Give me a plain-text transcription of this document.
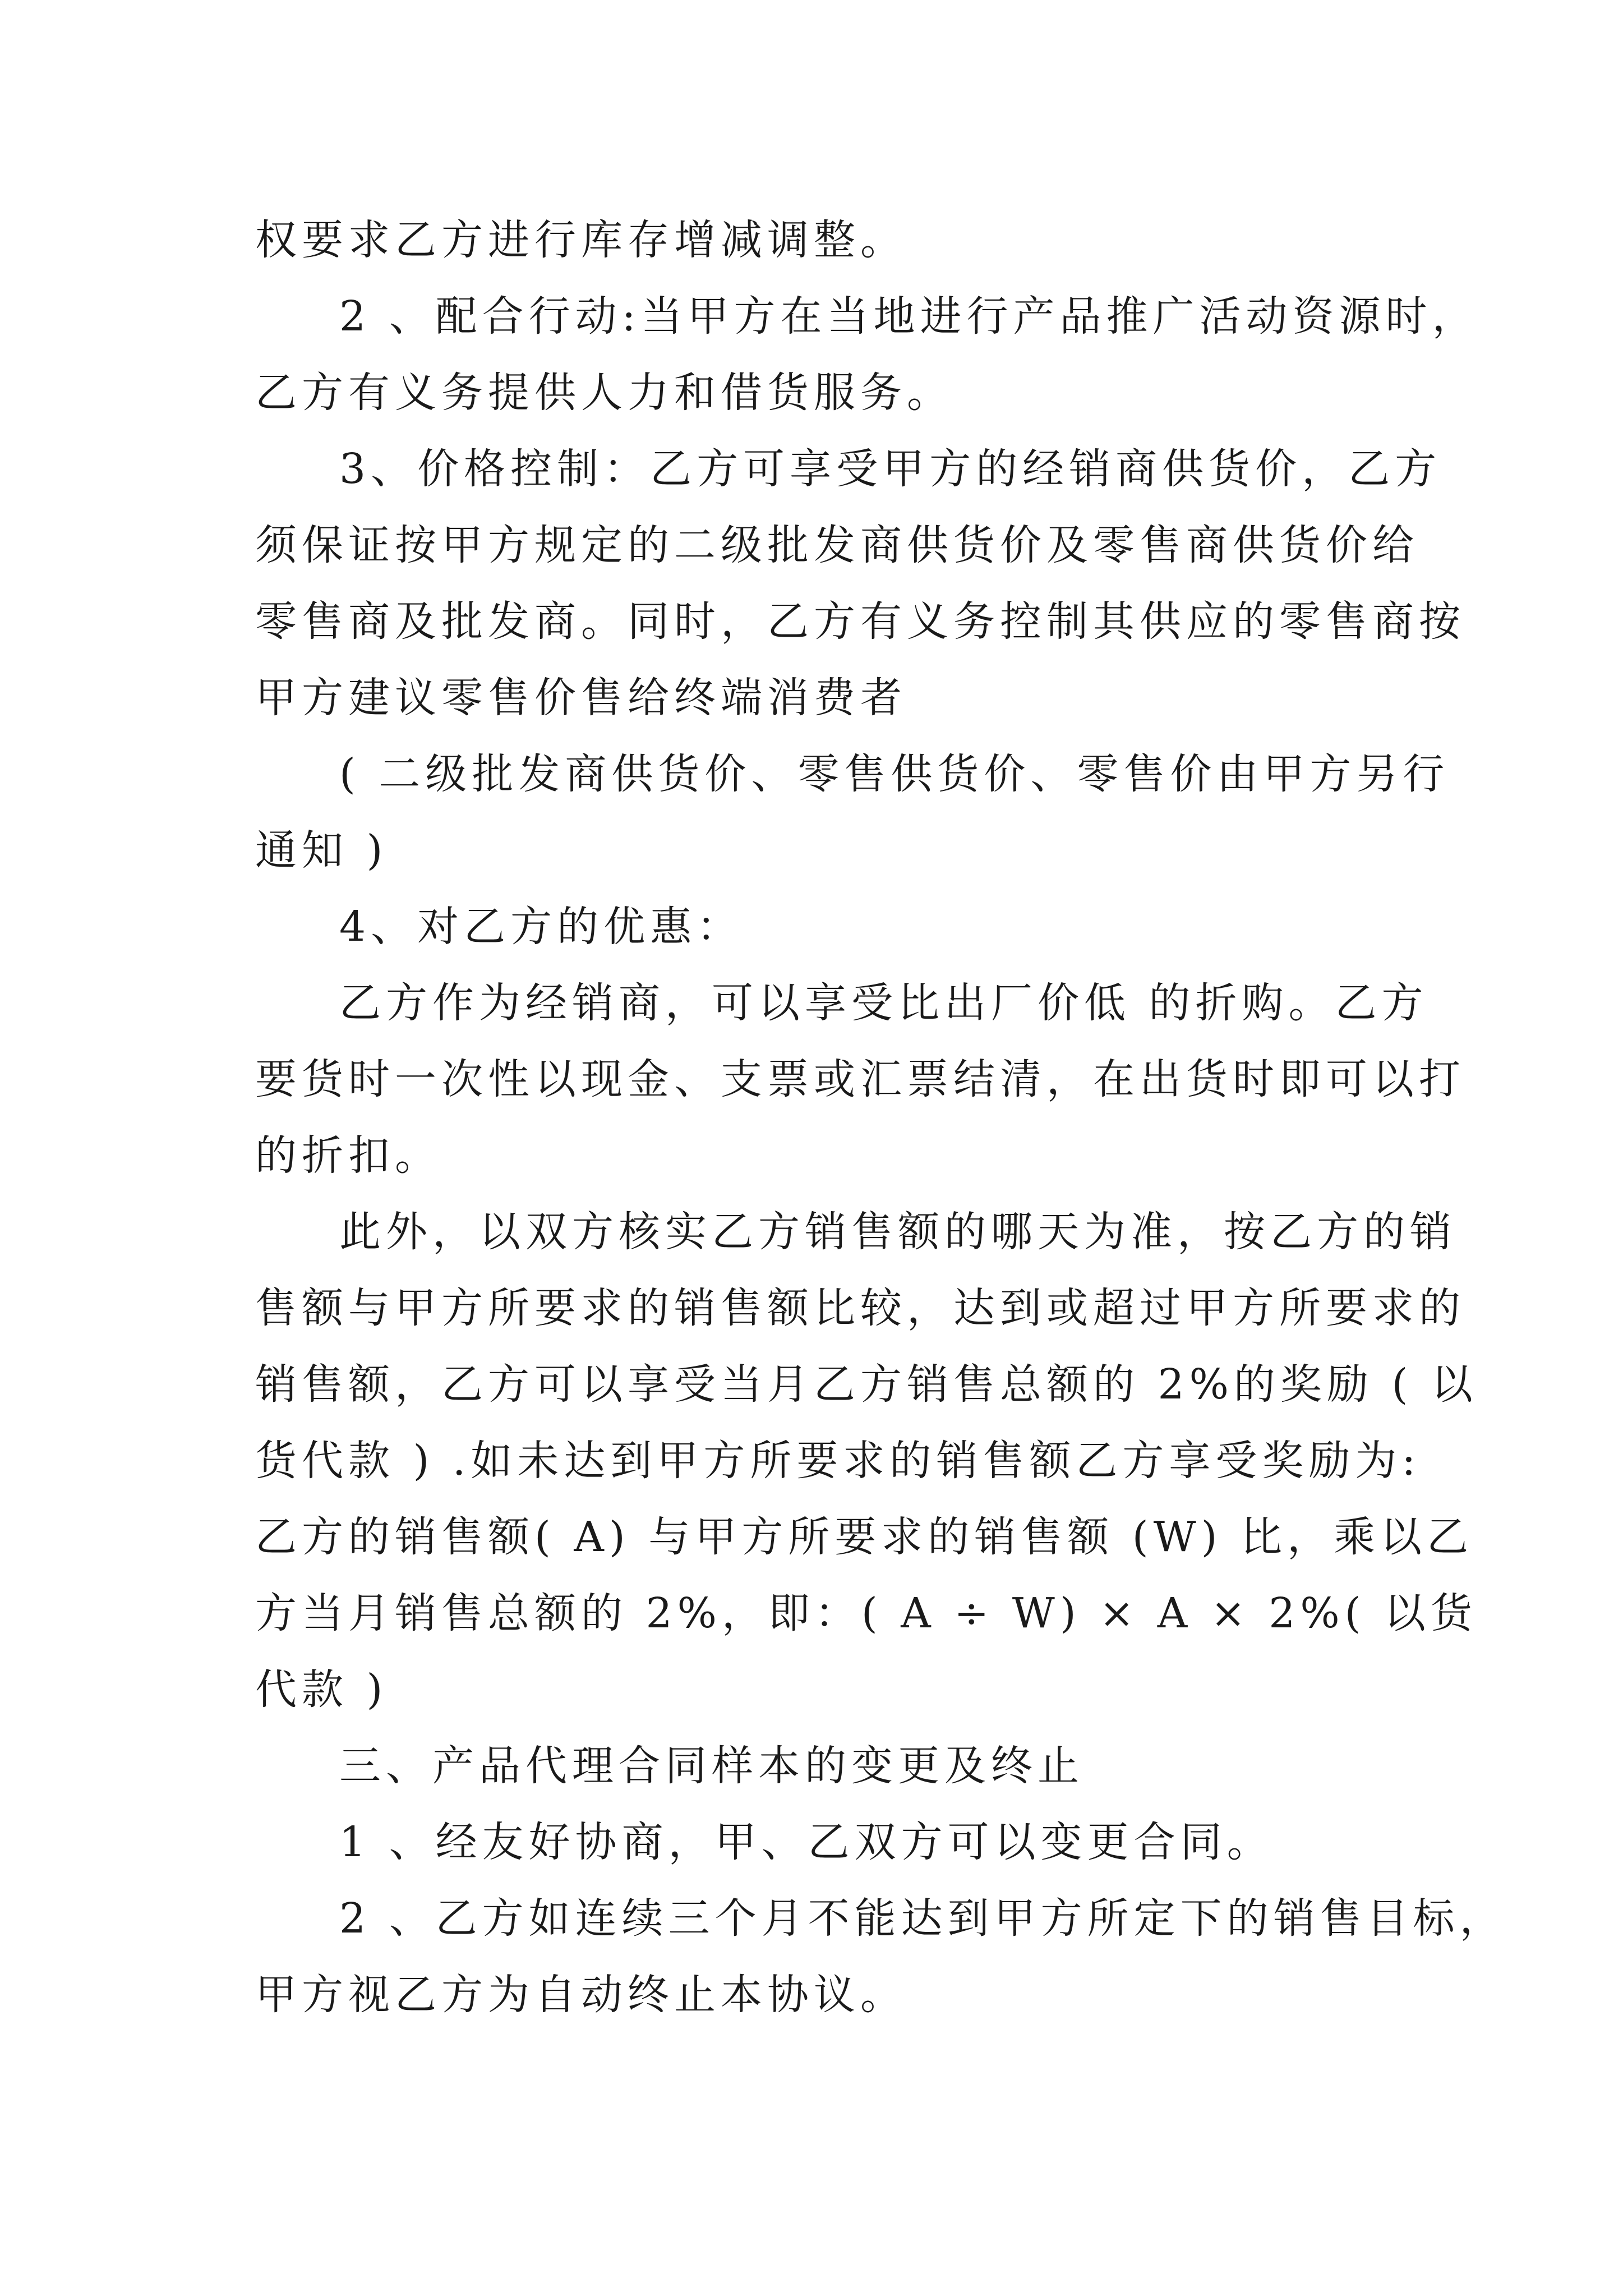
权要求乙方进行库存增减调整。

2 、配合行动:当甲方在当地进行产品推广活动资源时，
乙方有义务提供人力和借货服务。

3、价格控制：乙方可享受甲方的经销商供货价，乙方
须保证按甲方规定的二级批发商供货价及零售商供货价给
零售商及批发商。同时，乙方有义务控制其供应的零售商按
甲方建议零售价售给终端消费者

( 二级批发商供货价、零售供货价、零售价由甲方另行
通知 )

4、对乙方的优惠：

乙方作为经销商，可以享受比出厂价低 的折购。乙方
要货时一次性以现金、支票或汇票结清，在出货时即可以打
的折扣。

此外，以双方核实乙方销售额的哪天为准，按乙方的销
售额与甲方所要求的销售额比较，达到或超过甲方所要求的
销售额，乙方可以享受当月乙方销售总额的 2%的奖励 ( 以
货代款 ) .如未达到甲方所要求的销售额乙方享受奖励为:
乙方的销售额( A) 与甲方所要求的销售额 (W) 比，乘以乙
方当月销售总额的 2%，即：( A ÷ W) × A × 2%( 以货
代款 )

三、产品代理合同样本的变更及终止

1 、经友好协商，甲、乙双方可以变更合同。

2 、乙方如连续三个月不能达到甲方所定下的销售目标，
甲方视乙方为自动终止本协议。
